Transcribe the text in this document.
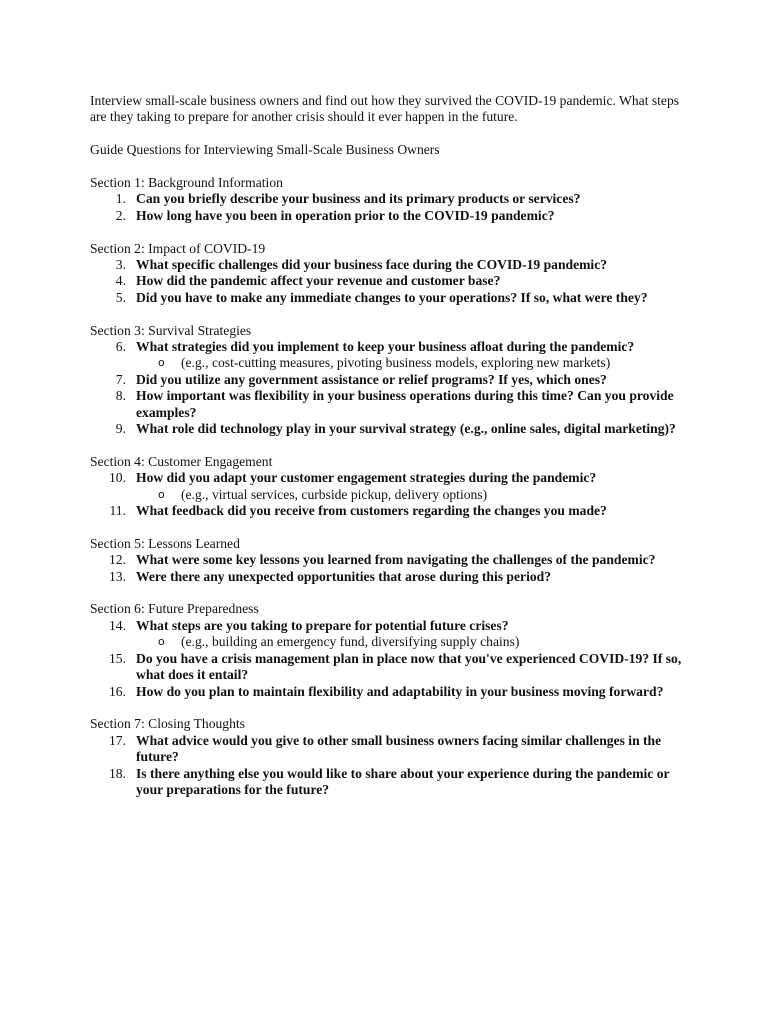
Interview small-scale business owners and find out how they survived the COVID-19 pandemic. What steps are they taking to prepare for another crisis should it ever happen in the future.

Guide Questions for Interviewing Small-Scale Business Owners

Section 1: Background Information

1. Can you briefly describe your business and its primary products or services?
2. How long have you been in operation prior to the COVID-19 pandemic?

Section 2: Impact of COVID-19

3. What specific challenges did your business face during the COVID-19 pandemic?
4. How did the pandemic affect your revenue and customer base?
5. Did you have to make any immediate changes to your operations? If so, what were they?

Section 3: Survival Strategies

6. What strategies did you implement to keep your business afloat during the pandemic?
o (e.g., cost-cutting measures, pivoting business models, exploring new markets)
7. Did you utilize any government assistance or relief programs? If yes, which ones?
8. How important was flexibility in your business operations during this time? Can you provide examples?
9. What role did technology play in your survival strategy (e.g., online sales, digital marketing)?

Section 4: Customer Engagement

10. How did you adapt your customer engagement strategies during the pandemic?
o (e.g., virtual services, curbside pickup, delivery options)
11. What feedback did you receive from customers regarding the changes you made?

Section 5: Lessons Learned

12. What were some key lessons you learned from navigating the challenges of the pandemic?
13. Were there any unexpected opportunities that arose during this period?

Section 6: Future Preparedness

14. What steps are you taking to prepare for potential future crises?
o (e.g., building an emergency fund, diversifying supply chains)
15. Do you have a crisis management plan in place now that you've experienced COVID-19? If so, what does it entail?
16. How do you plan to maintain flexibility and adaptability in your business moving forward?

Section 7: Closing Thoughts

17. What advice would you give to other small business owners facing similar challenges in the future?
18. Is there anything else you would like to share about your experience during the pandemic or your preparations for the future?
